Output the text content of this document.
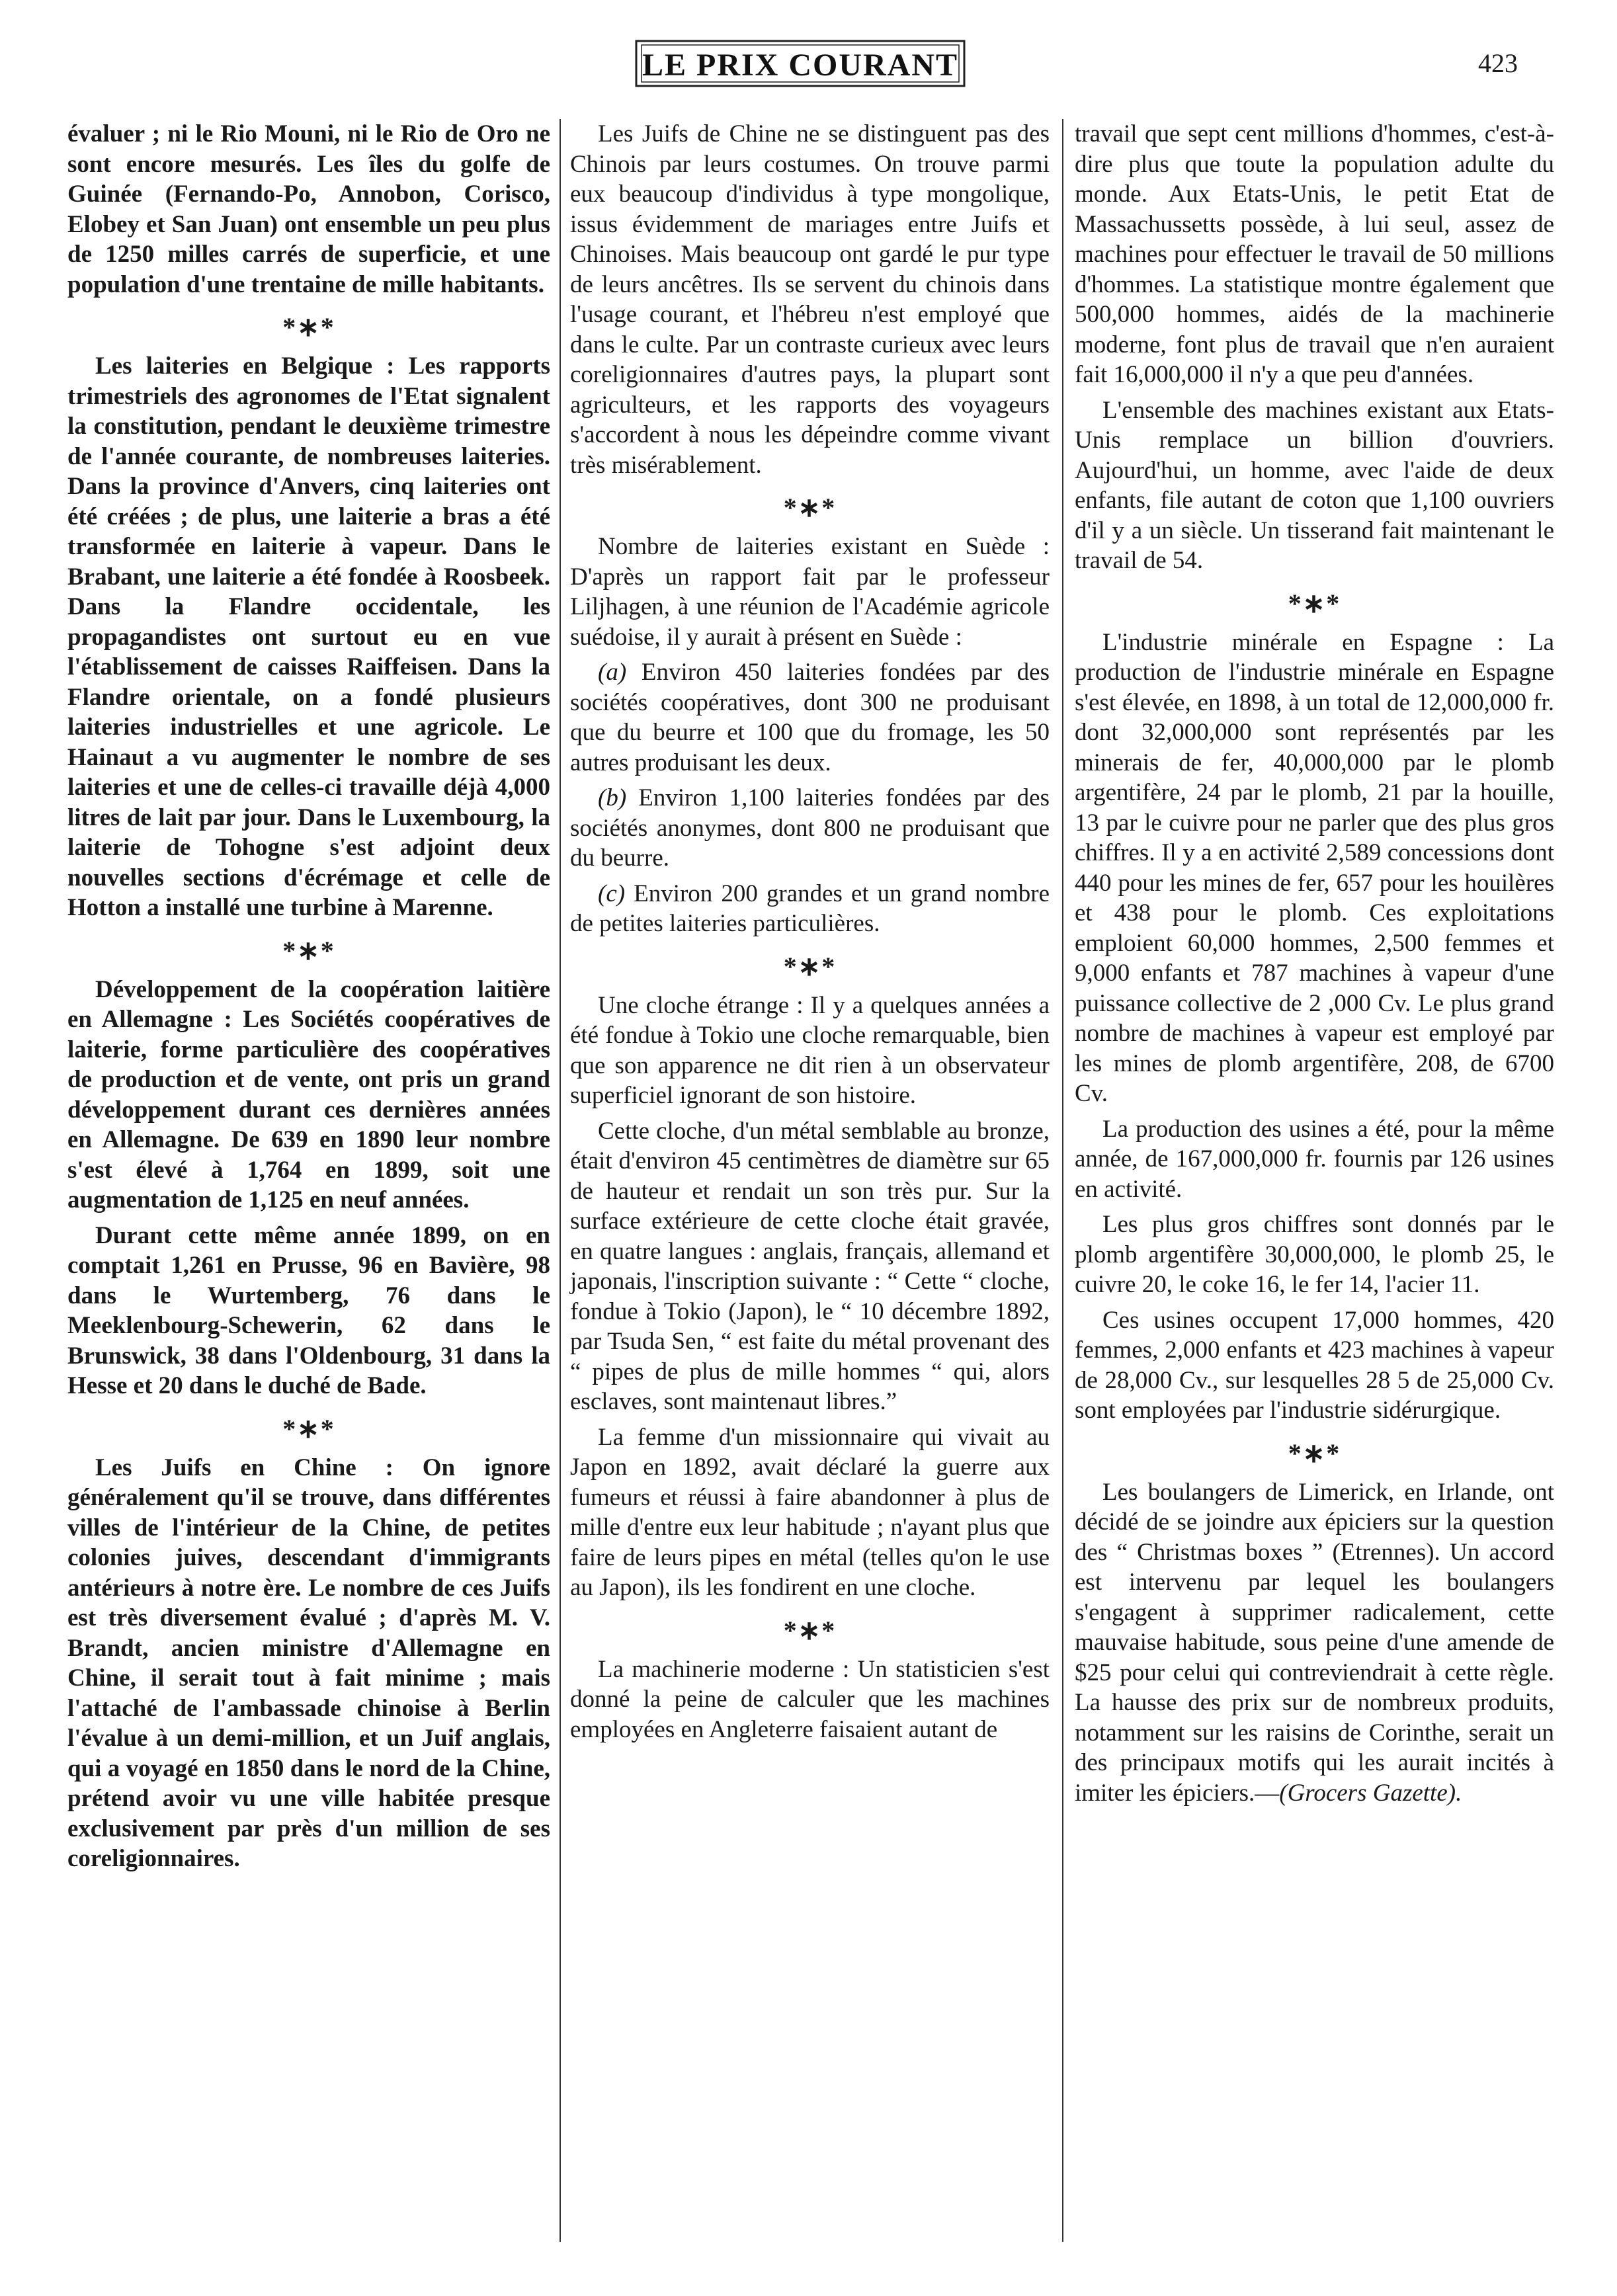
LE PRIX COURANT	423

évaluer ; ni le Rio Mouni, ni le Rio de Oro ne sont encore mesurés. Les îles du golfe de Guinée (Fernando-Po, Annobon, Corisco, Elobey et San Juan) ont ensemble un peu plus de 1250 milles carrés de superficie, et une population d'une trentaine de mille habitants.

*∗*

Les laiteries en Belgique : Les rapports trimestriels des agronomes de l'Etat signalent la constitution, pendant le deuxième trimestre de l'année courante, de nombreuses laiteries. Dans la province d'Anvers, cinq laiteries ont été créées ; de plus, une laiterie a bras a été transformée en laiterie à vapeur. Dans le Brabant, une laiterie a été fondée à Roosbeek. Dans la Flandre occidentale, les propagandistes ont surtout eu en vue l'établissement de caisses Raiffeisen. Dans la Flandre orientale, on a fondé plusieurs laiteries industrielles et une agricole. Le Hainaut a vu augmenter le nombre de ses laiteries et une de celles-ci travaille déjà 4,000 litres de lait par jour. Dans le Luxembourg, la laiterie de Tohogne s'est adjoint deux nouvelles sections d'écrémage et celle de Hotton a installé une turbine à Marenne.

*∗*

Développement de la coopération laitière en Allemagne : Les Sociétés coopératives de laiterie, forme particulière des coopératives de production et de vente, ont pris un grand développement durant ces dernières années en Allemagne. De 639 en 1890 leur nombre s'est élevé à 1,764 en 1899, soit une augmentation de 1,125 en neuf années.

Durant cette même année 1899, on en comptait 1,261 en Prusse, 96 en Bavière, 98 dans le Wurtemberg, 76 dans le Meeklenbourg-Schewerin, 62 dans le Brunswick, 38 dans l'Oldenbourg, 31 dans la Hesse et 20 dans le duché de Bade.

*∗*

Les Juifs en Chine : On ignore généralement qu'il se trouve, dans différentes villes de l'intérieur de la Chine, de petites colonies juives, descendant d'immigrants antérieurs à notre ère. Le nombre de ces Juifs est très diversement évalué ; d'après M. V. Brandt, ancien ministre d'Allemagne en Chine, il serait tout à fait minime ; mais l'attaché de l'ambassade chinoise à Berlin l'évalue à un demi-million, et un Juif anglais, qui a voyagé en 1850 dans le nord de la Chine, prétend avoir vu une ville habitée presque exclusivement par près d'un million de ses coreligionnaires.

Les Juifs de Chine ne se distinguent pas des Chinois par leurs costumes. On trouve parmi eux beaucoup d'individus à type mongolique, issus évidemment de mariages entre Juifs et Chinoises. Mais beaucoup ont gardé le pur type de leurs ancêtres. Ils se servent du chinois dans l'usage courant, et l'hébreu n'est employé que dans le culte. Par un contraste curieux avec leurs coreligionnaires d'autres pays, la plupart sont agriculteurs, et les rapports des voyageurs s'accordent à nous les dépeindre comme vivant très misérablement.

*∗*

Nombre de laiteries existant en Suède : D'après un rapport fait par le professeur Liljhagen, à une réunion de l'Académie agricole suédoise, il y aurait à présent en Suède :

(a) Environ 450 laiteries fondées par des sociétés coopératives, dont 300 ne produisant que du beurre et 100 que du fromage, les 50 autres produisant les deux.

(b) Environ 1,100 laiteries fondées par des sociétés anonymes, dont 800 ne produisant que du beurre.

(c) Environ 200 grandes et un grand nombre de petites laiteries particulières.

*∗*

Une cloche étrange : Il y a quelques années a été fondue à Tokio une cloche remarquable, bien que son apparence ne dit rien à un observateur superficiel ignorant de son histoire.

Cette cloche, d'un métal semblable au bronze, était d'environ 45 centimètres de diamètre sur 65 de hauteur et rendait un son très pur. Sur la surface extérieure de cette cloche était gravée, en quatre langues : anglais, français, allemand et japonais, l'inscription suivante : “ Cette “ cloche, fondue à Tokio (Japon), le “ 10 décembre 1892, par Tsuda Sen, “ est faite du métal provenant des “ pipes de plus de mille hommes “ qui, alors esclaves, sont maintenaut libres.”

La femme d'un missionnaire qui vivait au Japon en 1892, avait déclaré la guerre aux fumeurs et réussi à faire abandonner à plus de mille d'entre eux leur habitude ; n'ayant plus que faire de leurs pipes en métal (telles qu'on le use au Japon), ils les fondirent en une cloche.

*∗*

La machinerie moderne : Un statisticien s'est donné la peine de calculer que les machines employées en Angleterre faisaient autant de

travail que sept cent millions d'hommes, c'est-à-dire plus que toute la population adulte du monde. Aux Etats-Unis, le petit Etat de Massachussetts possède, à lui seul, assez de machines pour effectuer le travail de 50 millions d'hommes. La statistique montre également que 500,000 hommes, aidés de la machinerie moderne, font plus de travail que n'en auraient fait 16,000,000 il n'y a que peu d'années.

L'ensemble des machines existant aux Etats-Unis remplace un billion d'ouvriers. Aujourd'hui, un homme, avec l'aide de deux enfants, file autant de coton que 1,100 ouvriers d'il y a un siècle. Un tisserand fait maintenant le travail de 54.

*∗*

L'industrie minérale en Espagne : La production de l'industrie minérale en Espagne s'est élevée, en 1898, à un total de 12,000,000 fr. dont 32,000,000 sont représentés par les minerais de fer, 40,000,000 par le plomb argentifère, 24 par le plomb, 21 par la houille, 13 par le cuivre pour ne parler que des plus gros chiffres. Il y a en activité 2,589 concessions dont 440 pour les mines de fer, 657 pour les houilères et 438 pour le plomb. Ces exploitations emploient 60,000 hommes, 2,500 femmes et 9,000 enfants et 787 machines à vapeur d'une puissance collective de 2 ,000 Cv. Le plus grand nombre de machines à vapeur est employé par les mines de plomb argentifère, 208, de 6700 Cv.

La production des usines a été, pour la même année, de 167,000,000 fr. fournis par 126 usines en activité.

Les plus gros chiffres sont donnés par le plomb argentifère 30,000,000, le plomb 25, le cuivre 20, le coke 16, le fer 14, l'acier 11.

Ces usines occupent 17,000 hommes, 420 femmes, 2,000 enfants et 423 machines à vapeur de 28,000 Cv., sur lesquelles 28 5 de 25,000 Cv. sont employées par l'industrie sidérurgique.

*∗*

Les boulangers de Limerick, en Irlande, ont décidé de se joindre aux épiciers sur la question des “ Christmas boxes ” (Etrennes). Un accord est intervenu par lequel les boulangers s'engagent à supprimer radicalement, cette mauvaise habitude, sous peine d'une amende de $25 pour celui qui contreviendrait à cette règle. La hausse des prix sur de nombreux produits, notamment sur les raisins de Corinthe, serait un des principaux motifs qui les aurait incités à imiter les épiciers.—(Grocers Gazette).
